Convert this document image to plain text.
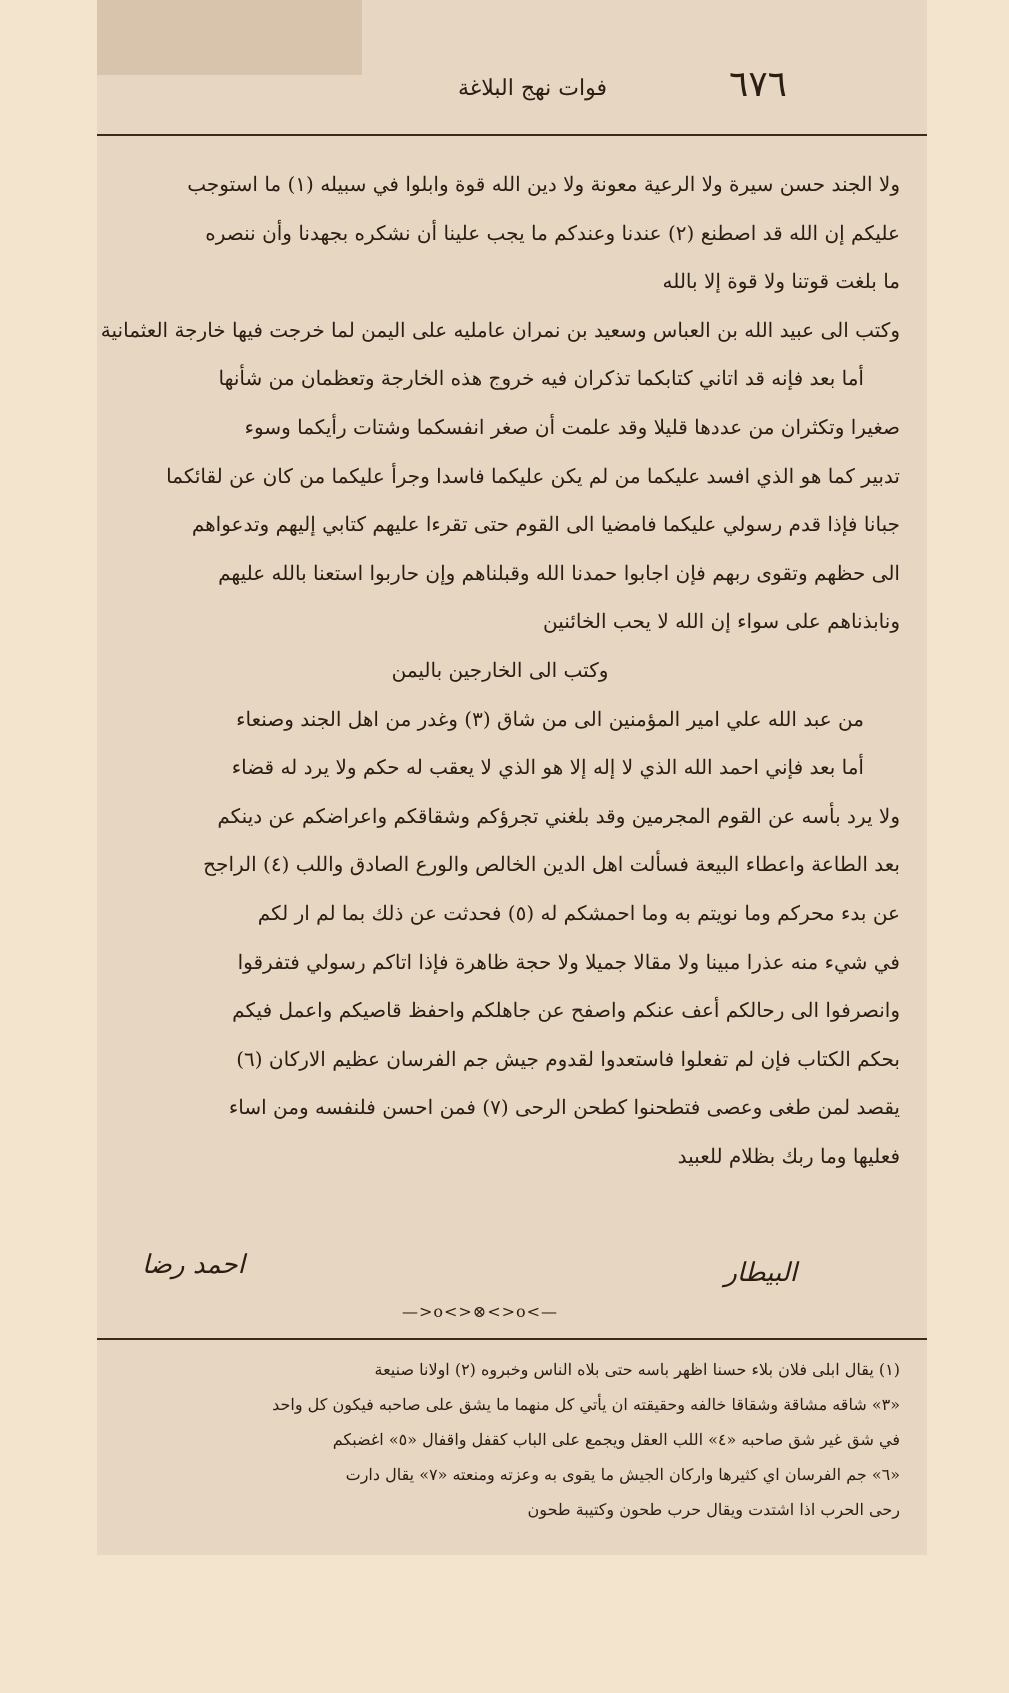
٦٧٦
فوات نهج البلاغة

ولا الجند حسن سيرة ولا الرعية معونة ولا دين الله قوة وابلوا في سبيله (١) ما استوجب

عليكم إن الله قد اصطنع (٢) عندنا وعندكم ما يجب علينا أن نشكره بجهدنا وأن ننصره

ما بلغت قوتنا ولا قوة إلا بالله

وكتب الى عبيد الله بن العباس وسعيد بن نمران عامليه على اليمن لما خرجت فيها خارجة العثمانية

أما بعد فإنه قد اتاني كتابكما تذكران فيه خروج هذه الخارجة وتعظمان من شأنها

صغيرا وتكثران من عددها قليلا وقد علمت أن صغر انفسكما وشتات رأيكما وسوء

تدبير كما هو الذي افسد عليكما من لم يكن عليكما فاسدا وجرأ عليكما من كان عن لقائكما

جبانا فإذا قدم رسولي عليكما فامضيا الى القوم حتى تقرءا عليهم كتابي إليهم وتدعواهم

الى حظهم وتقوى ربهم فإن اجابوا حمدنا الله وقبلناهم وإن حاربوا استعنا بالله عليهم

ونابذناهم على سواء إن الله لا يحب الخائنين

وكتب الى الخارجين باليمن

من عبد الله علي امير المؤمنين الى من شاق (٣) وغدر من اهل الجند وصنعاء

أما بعد فإني احمد الله الذي لا إله إلا هو الذي لا يعقب له حكم ولا يرد له قضاء

ولا يرد بأسه عن القوم المجرمين وقد بلغني تجرؤكم وشقاقكم واعراضكم عن دينكم

بعد الطاعة واعطاء البيعة فسألت اهل الدين الخالص والورع الصادق واللب (٤) الراجح

عن بدء محركم وما نويتم به وما احمشكم له (٥) فحدثت عن ذلك بما لم ار لكم

في شيء منه عذرا مبينا ولا مقالا جميلا ولا حجة ظاهرة فإذا اتاكم رسولي فتفرقوا

وانصرفوا الى رحالكم أعف عنكم واصفح عن جاهلكم واحفظ قاصيكم واعمل فيكم

بحكم الكتاب فإن لم تفعلوا فاستعدوا لقدوم جيش جم الفرسان عظيم الاركان (٦)

يقصد لمن طغى وعصى فتطحنوا كطحن الرحى (٧) فمن احسن فلنفسه ومن اساء

فعليها وما ربك بظلام للعبيد

احمد رضا	البيطار
—>o<>⊗<>o<—

(١) يقال ابلى فلان بلاء حسنا اظهر باسه حتى بلاه الناس وخبروه (٢) اولانا صنيعة

«٣» شاقه مشاقة وشقاقا خالفه وحقيقته ان يأتي كل منهما ما يشق على صاحبه فيكون كل واحد

في شق غير شق صاحبه «٤» اللب العقل ويجمع على الباب كقفل واقفال «٥» اغضبكم

«٦» جم الفرسان اي كثيرها واركان الجيش ما يقوى به وعزته ومنعته «٧» يقال دارت

رحى الحرب اذا اشتدت ويقال حرب طحون وكتيبة طحون
